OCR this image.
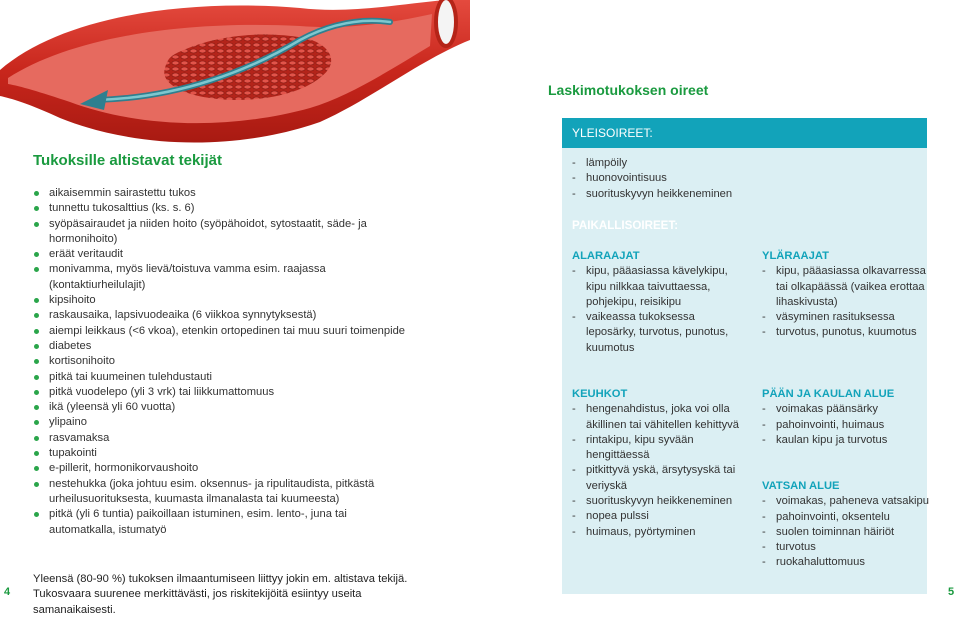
Tukoksille altistavat tekijät
aikaisemmin sairastettu tukos
tunnettu tukosalttius (ks. s. 6)
syöpäsairaudet ja niiden hoito (syöpähoidot, sytostaatit, säde- ja hormonihoito)
eräät veritaudit
monivamma, myös lievä/toistuva vamma esim. raajassa (kontaktiurheilulajit)
kipsihoito
raskausaika, lapsivuodeaika (6 viikkoa synnytyksestä)
aiempi leikkaus (<6 vkoa), etenkin ortopedinen tai muu suuri toimenpide
diabetes
kortisonihoito
pitkä tai kuumeinen tulehdustauti
pitkä vuodelepo (yli 3 vrk) tai liikkumattomuus
ikä (yleensä yli 60 vuotta)
ylipaino
rasvamaksa
tupakointi
e-pillerit, hormonikorvaushoito
nestehukka (joka johtuu esim. oksennus- ja ripulitaudista, pitkästä urheilusuorituksesta, kuumasta ilmanalasta tai kuumeesta)
pitkä (yli 6 tuntia) paikoillaan istuminen, esim. lento-, juna tai automatkalla, istumatyö

Yleensä (80-90 %) tukoksen ilmaantumiseen liittyy jokin em. altistava tekijä. Tukosvaara suurenee merkittävästi, jos riskitekijöitä esiintyy useita samanaikaisesti.

4
Laskimotukoksen oireet
YLEISOIREET:
- lämpöily
- huonovointisuus
- suorituskyvyn heikkeneminen
PAIKALLISOIREET:
ALARAAJAT
- kipu, pääasiassa kävelykipu, kipu nilkkaa taivuttaessa, pohjekipu, reisikipu
- vaikeassa tukoksessa leposärky, turvotus, punotus, kuumotus
KEUHKOT
- hengenahdistus, joka voi olla äkillinen tai vähitellen kehittyvä
- rintakipu, kipu syvään hengittäessä
- pitkittyvä yskä, ärsytysyskä tai veriyskä
- suorituskyvyn heikkeneminen
- nopea pulssi
- huimaus, pyörtyminen
YLÄRAAJAT
- kipu, pääasiassa olkavarressa tai olkapäässä (vaikea erottaa lihaskivusta)
- väsyminen rasituksessa
- turvotus, punotus, kuumotus
PÄÄN JA KAULAN ALUE
- voimakas päänsärky
- pahoinvointi, huimaus
- kaulan kipu ja turvotus
VATSAN ALUE
- voimakas, paheneva vatsakipu
- pahoinvointi, oksentelu
- suolen toiminnan häiriöt
- turvotus
- ruokahaluttomuus
5
